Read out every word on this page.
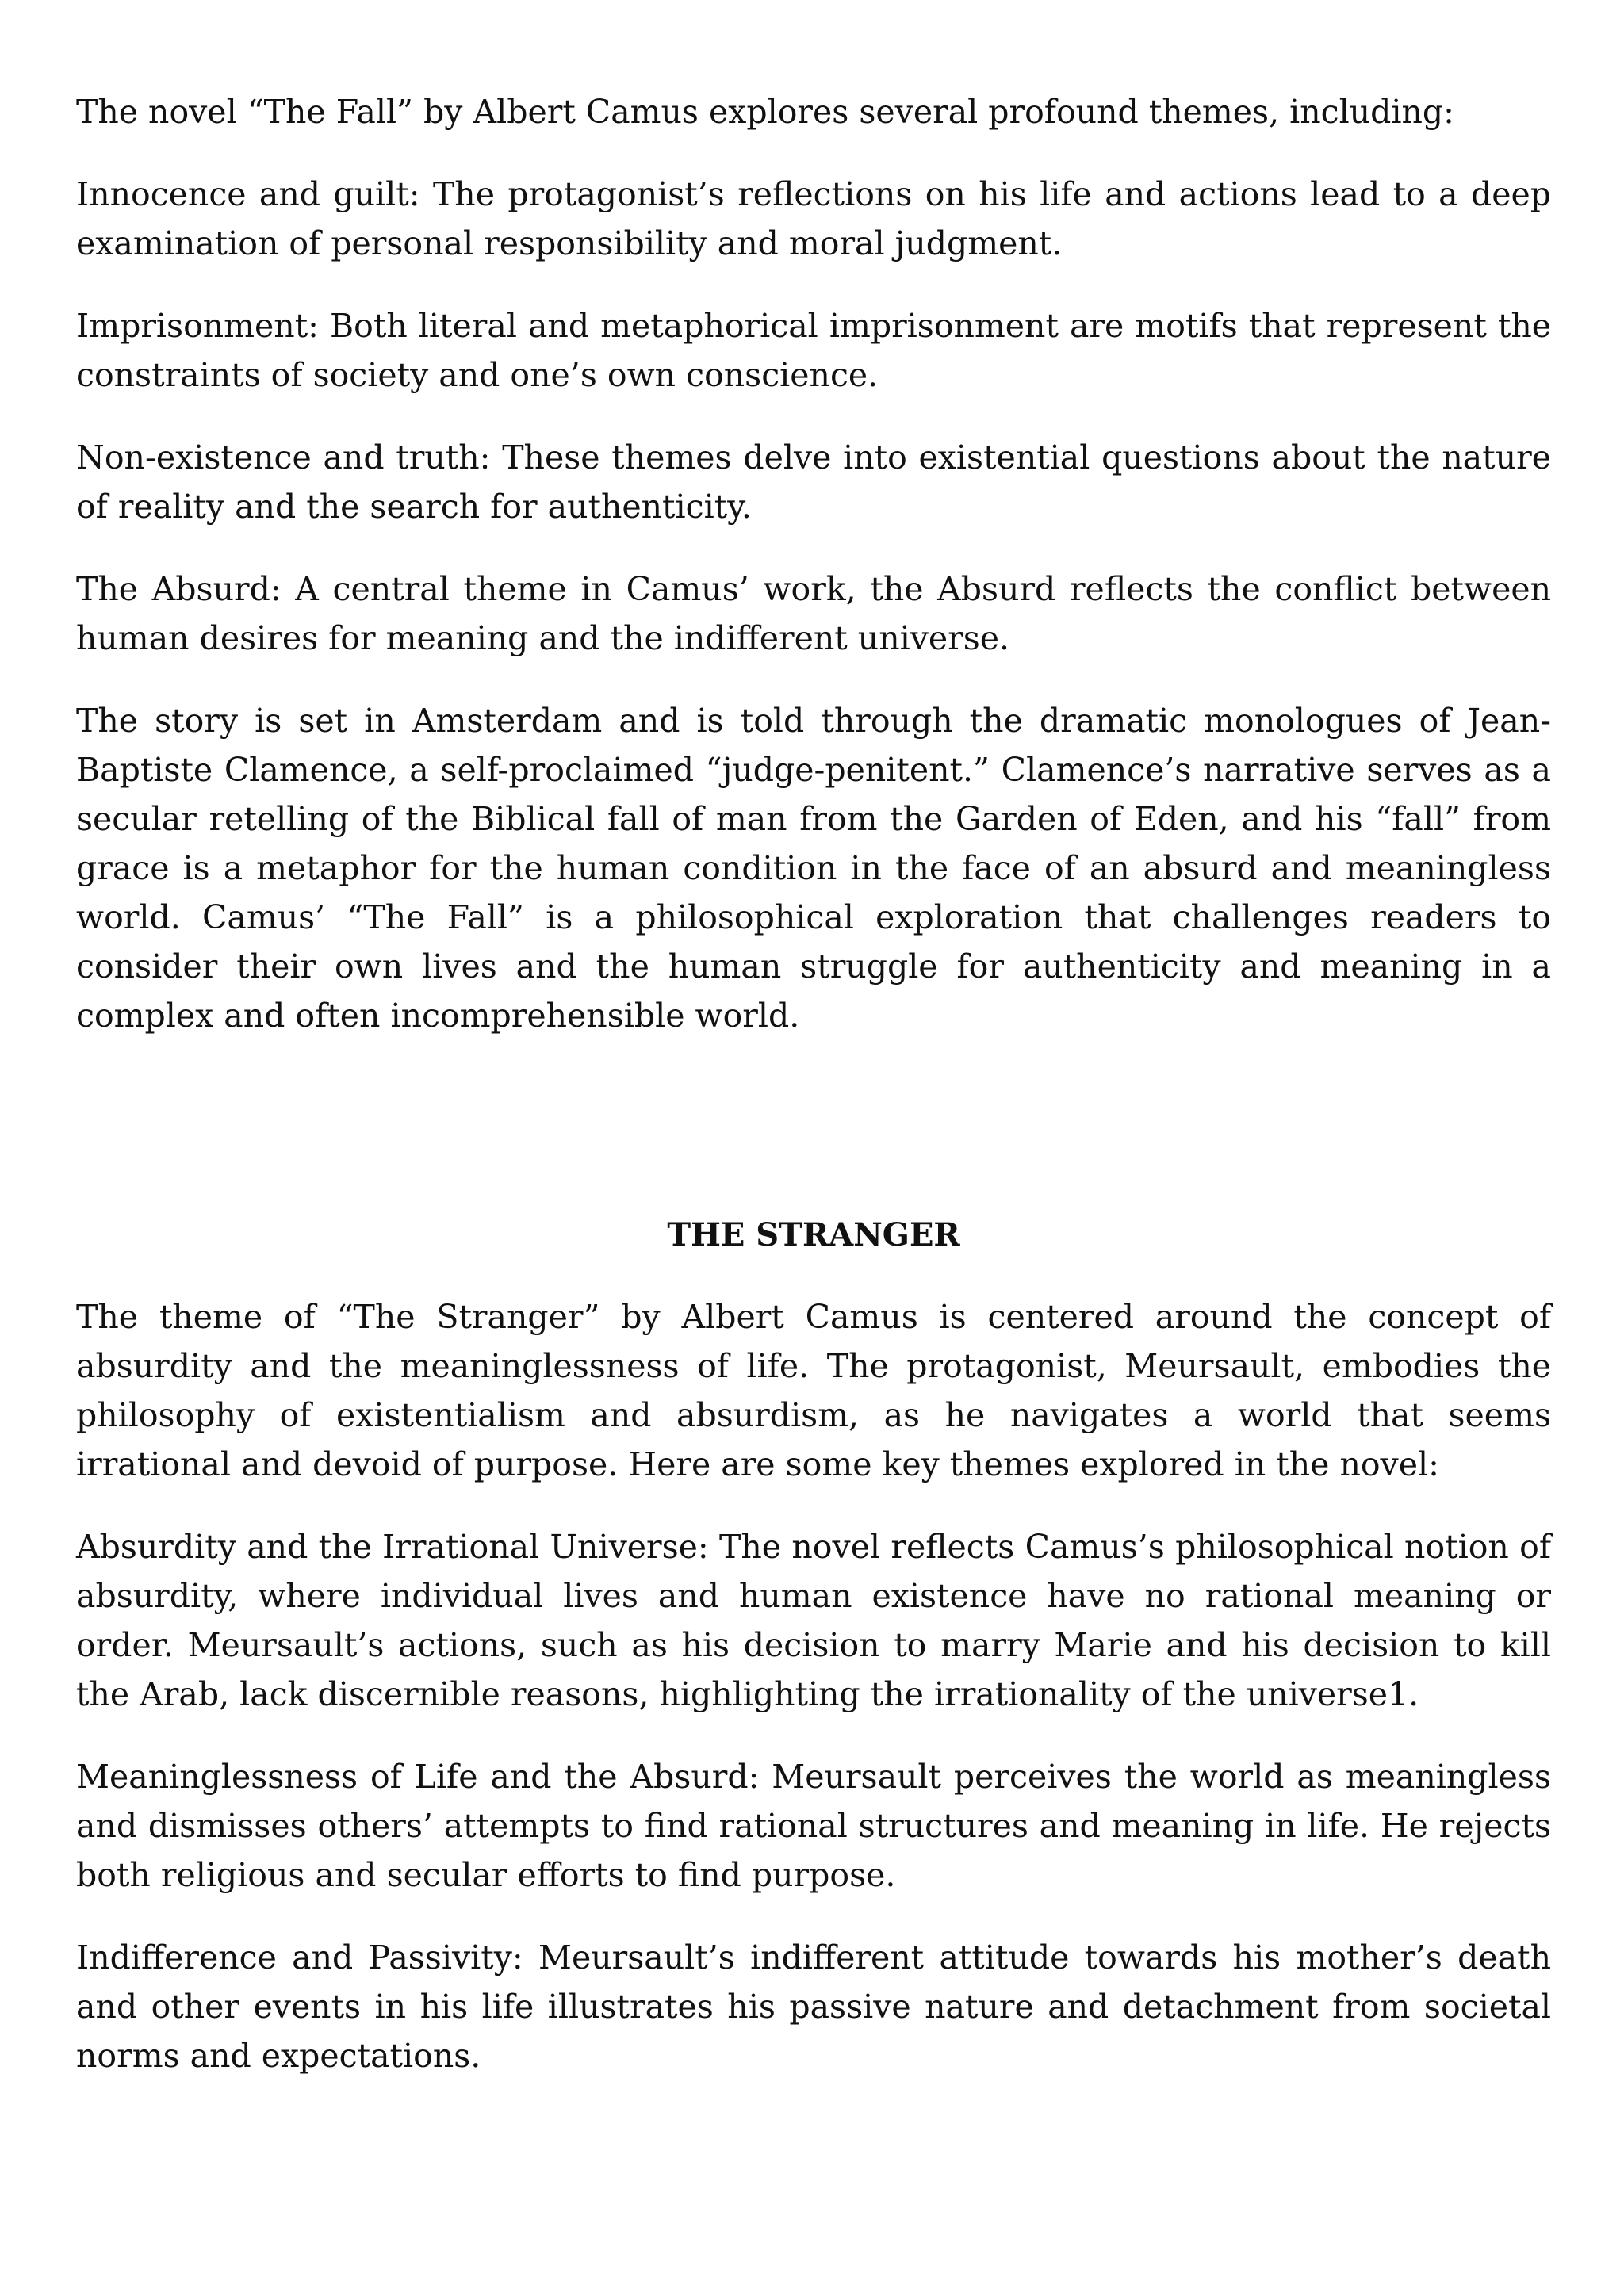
The novel “The Fall” by Albert Camus explores several profound themes, including:

Innocence and guilt: The protagonist’s reflections on his life and actions lead to a deep examination of personal responsibility and moral judgment.

Imprisonment: Both literal and metaphorical imprisonment are motifs that represent the constraints of society and one’s own conscience.

Non-existence and truth: These themes delve into existential questions about the nature of reality and the search for authenticity.

The Absurd: A central theme in Camus’ work, the Absurd reflects the conflict between human desires for meaning and the indifferent universe.

The story is set in Amsterdam and is told through the dramatic monologues of Jean-Baptiste Clamence, a self-proclaimed “judge-penitent.” Clamence’s narrative serves as a secular retelling of the Biblical fall of man from the Garden of Eden, and his “fall” from grace is a metaphor for the human condition in the face of an absurd and meaningless world. Camus’ “The Fall” is a philosophical exploration that challenges readers to consider their own lives and the human struggle for authenticity and meaning in a complex and often incomprehensible world.

THE STRANGER

The theme of “The Stranger” by Albert Camus is centered around the concept of absurdity and the meaninglessness of life. The protagonist, Meursault, embodies the philosophy of existentialism and absurdism, as he navigates a world that seems irrational and devoid of purpose. Here are some key themes explored in the novel:

Absurdity and the Irrational Universe: The novel reflects Camus’s philosophical notion of absurdity, where individual lives and human existence have no rational meaning or order. Meursault’s actions, such as his decision to marry Marie and his decision to kill the Arab, lack discernible reasons, highlighting the irrationality of the universe1.

Meaninglessness of Life and the Absurd: Meursault perceives the world as meaningless and dismisses others’ attempts to find rational structures and meaning in life. He rejects both religious and secular efforts to find purpose.

Indifference and Passivity: Meursault’s indifferent attitude towards his mother’s death and other events in his life illustrates his passive nature and detachment from societal norms and expectations.
